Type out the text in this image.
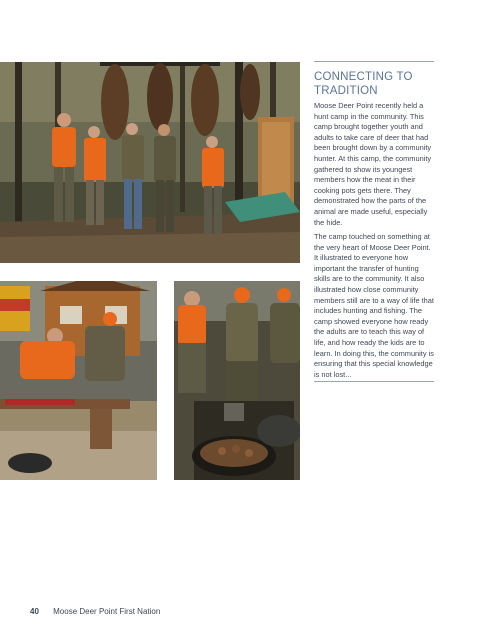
CONNECTING TO TRADITION
Moose Deer Point recently held a hunt camp in the community. This camp brought together youth and adults to take care of deer that had been brought down by a community hunter. At this camp, the community gathered to show its youngest members how the meat in their cooking pots gets there. They demonstrated how the parts of the animal are made useful, especially the hide.
The camp touched on something at the very heart of Moose Deer Point. It illustrated to everyone how important the transfer of hunting skills are to the community. It also illustrated how close community members still are to a way of life that includes hunting and fishing. The camp showed everyone how ready the adults are to teach this way of life, and how ready the kids are to learn. In doing this, the community is ensuring that this special knowledge is not lost...
40 Moose Deer Point First Nation
